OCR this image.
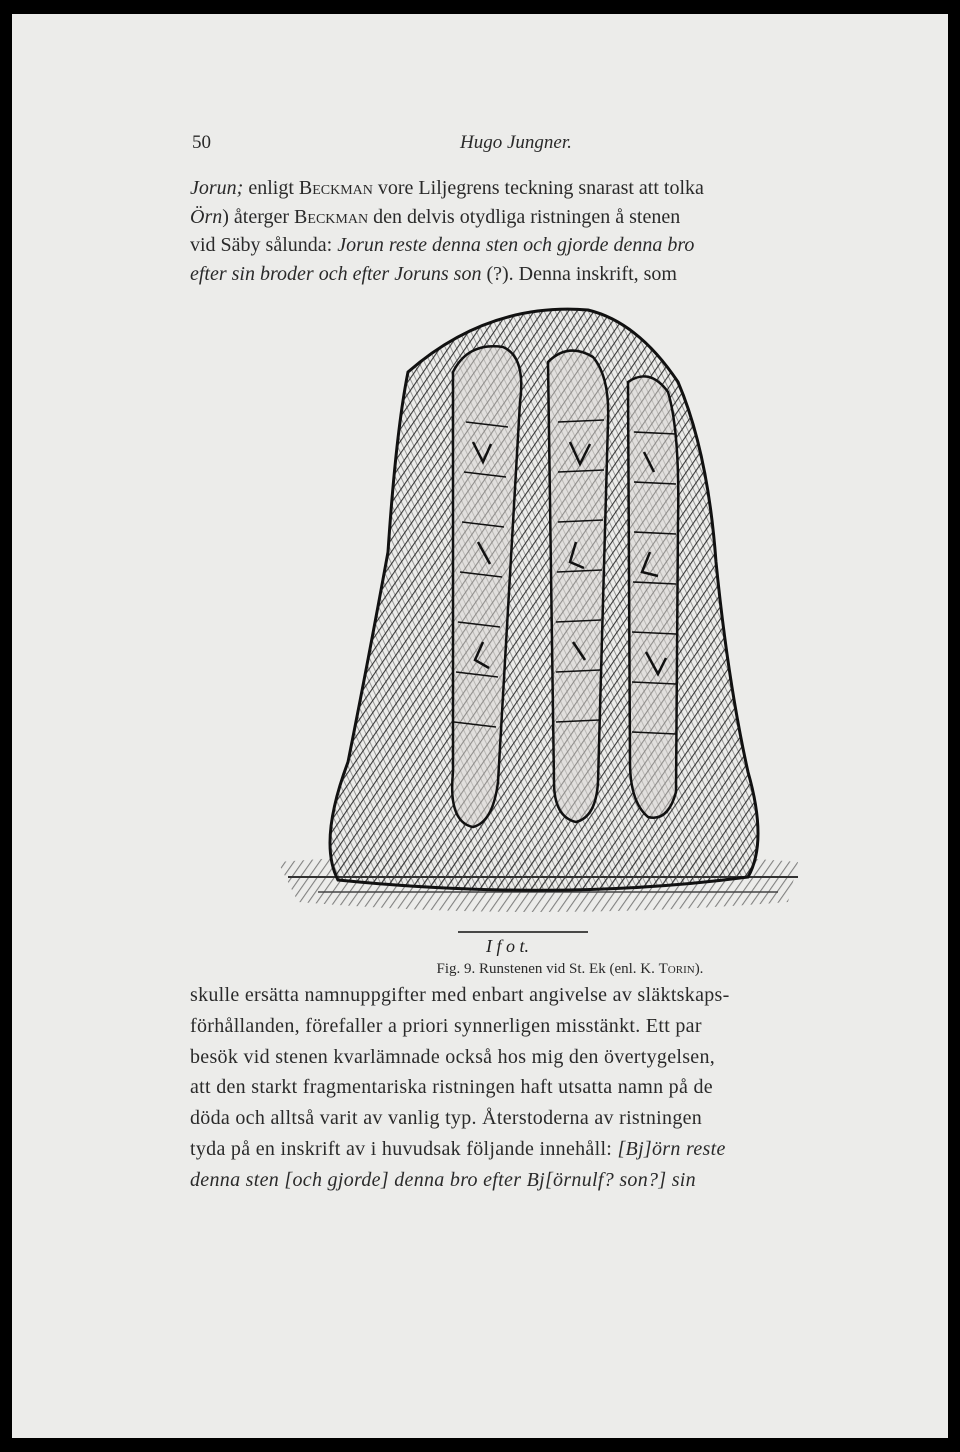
50	Hugo Jungner.
Jorun; enligt Beckman vore Liljegrens teckning snarast att tolka
Örn) återger Beckman den delvis otydliga ristningen å stenen
vid Säby sålunda: Jorun reste denna sten och gjorde denna bro
efter sin broder och efter Joruns son (?). Denna inskrift, som
I f o t.
Fig. 9. Runstenen vid St. Ek (enl. K. Torin).
skulle ersätta namnuppgifter med enbart angivelse av släktskaps-
förhållanden, förefaller a priori synnerligen misstänkt. Ett par
besök vid stenen kvarlämnade också hos mig den övertygelsen,
att den starkt fragmentariska ristningen haft utsatta namn på de
döda och alltså varit av vanlig typ. Återstoderna av ristningen
tyda på en inskrift av i huvudsak följande innehåll: [Bj]örn reste
denna sten [och gjorde] denna bro efter Bj[örnulf? son?] sin
